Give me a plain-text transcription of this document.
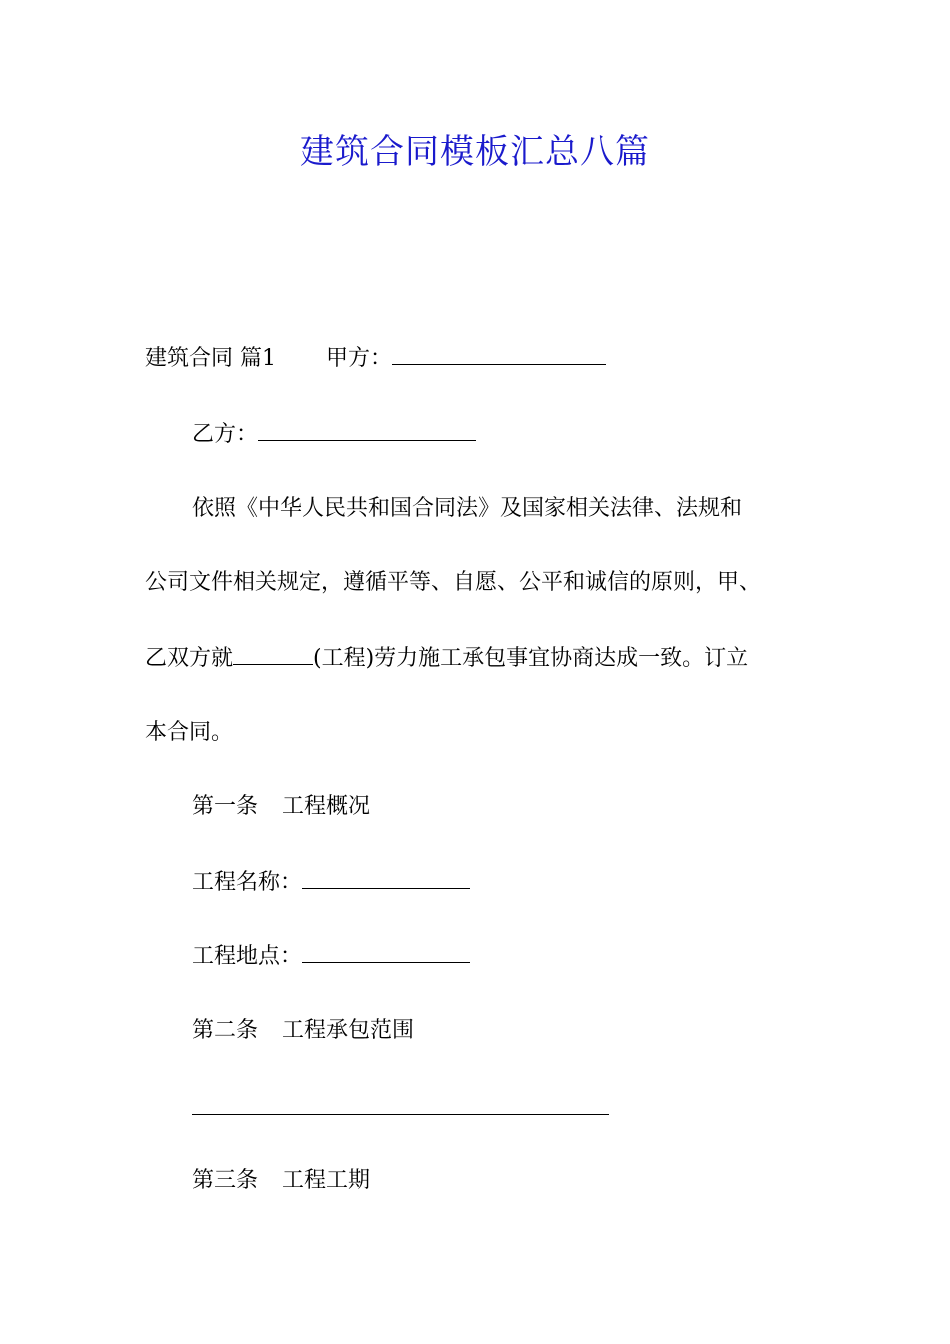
建筑合同模板汇总八篇
建筑合同 篇1 甲方：
乙方：
依照《中华人民共和国合同法》及国家相关法律、法规和
公司文件相关规定，遵循平等、自愿、公平和诚信的原则，甲、
乙双方就	(工程)劳力施工承包事宜协商达成一致。订立
本合同。
第一条 工程概况
工程名称：
工程地点：
第二条 工程承包范围
第三条 工程工期
